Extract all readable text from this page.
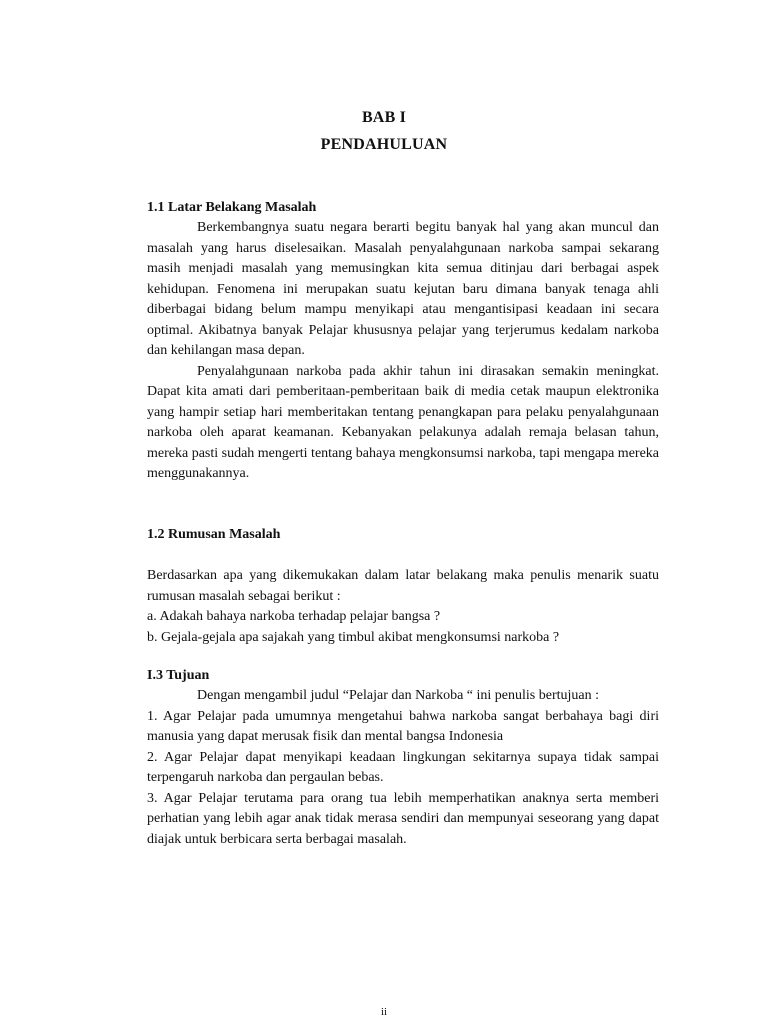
BAB I
PENDAHULUAN
1.1 Latar Belakang Masalah

Berkembangnya suatu negara berarti begitu banyak hal yang akan muncul dan masalah yang harus diselesaikan. Masalah penyalahgunaan narkoba sampai sekarang masih menjadi masalah yang memusingkan kita semua ditinjau dari berbagai aspek kehidupan. Fenomena ini merupakan suatu kejutan baru dimana banyak tenaga ahli diberbagai bidang belum mampu menyikapi atau mengantisipasi keadaan ini secara optimal. Akibatnya banyak Pelajar khususnya pelajar yang terjerumus kedalam narkoba dan kehilangan masa depan.

Penyalahgunaan narkoba pada akhir tahun ini dirasakan semakin meningkat. Dapat kita amati dari pemberitaan-pemberitaan baik di media cetak maupun elektronika yang hampir setiap hari memberitakan tentang penangkapan para pelaku penyalahgunaan narkoba oleh aparat keamanan. Kebanyakan pelakunya adalah remaja belasan tahun, mereka pasti sudah mengerti tentang bahaya mengkonsumsi narkoba, tapi mengapa mereka menggunakannya.

1.2 Rumusan Masalah

Berdasarkan apa yang dikemukakan dalam latar belakang maka penulis menarik suatu rumusan masalah sebagai berikut :

a. Adakah bahaya narkoba terhadap pelajar bangsa ?

b. Gejala-gejala apa sajakah yang timbul akibat mengkonsumsi narkoba ?

I.3 Tujuan

Dengan mengambil judul “Pelajar dan Narkoba “ ini penulis bertujuan :

1. Agar Pelajar pada umumnya mengetahui bahwa narkoba sangat berbahaya bagi diri manusia yang dapat merusak fisik dan mental bangsa Indonesia

2. Agar Pelajar dapat menyikapi keadaan lingkungan sekitarnya supaya tidak sampai terpengaruh narkoba dan pergaulan bebas.

3. Agar Pelajar terutama para orang tua lebih memperhatikan anaknya serta memberi perhatian yang lebih agar anak tidak merasa sendiri dan mempunyai seseorang yang dapat diajak untuk berbicara serta berbagai masalah.

ii
